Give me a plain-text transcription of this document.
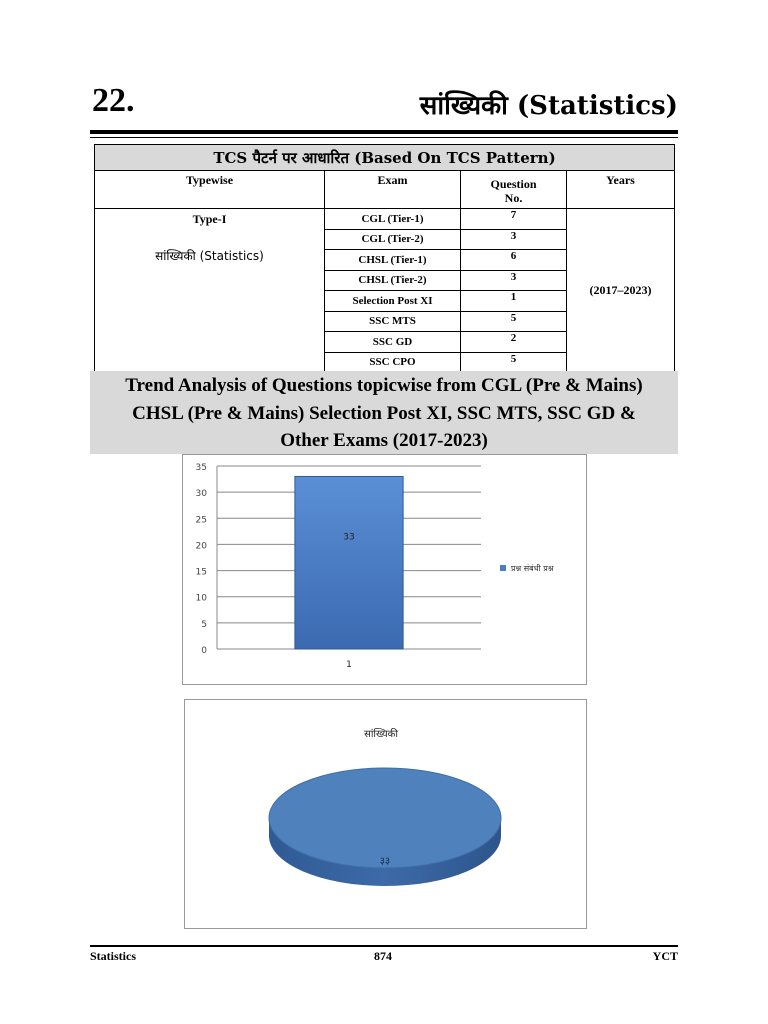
22.	सांख्यिकी (Statistics)
TCS पैटर्न पर आधारित (Based On TCS Pattern)			
Typewise	Exam	Question No.	Years

Type-I
सांख्यिकी (Statistics)	CGL (Tier-1)	7	(2017–2023)
	CGL (Tier-2)	3	
	CHSL (Tier-1)	6	
	CHSL (Tier-2)	3	
	Selection Post XI	1	
	SSC MTS	5	
	SSC GD	2	
	SSC CPO	5	
Trend Analysis of Questions topicwise from CGL (Pre & Mains)
CHSL (Pre & Mains) Selection Post XI, SSC MTS, SSC GD &
Other Exams (2017-2023)
0
5
10
15
20
25
30
35
33
1
प्रश्न संबंधी प्रश्न
सांख्यिकी
३३
Statistics	874	YCT
